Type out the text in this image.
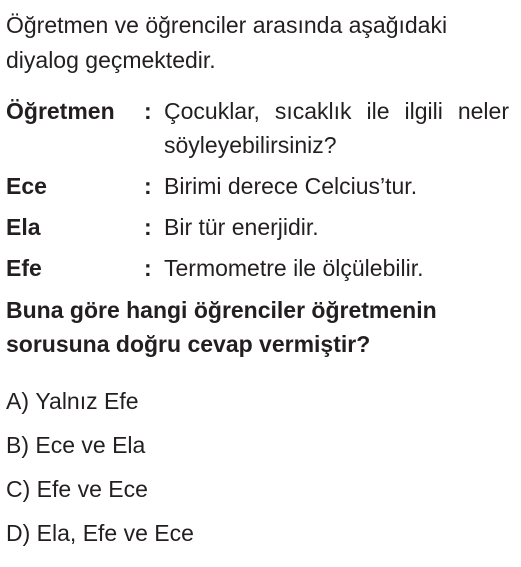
Öğretmen ve öğrenciler arasında aşağıdaki
diyalog geçmektedir.

Öğretmen	: Çocuklar, sıcaklık ile ilgili neler söyleyebilirsiniz?
Ece	: Birimi derece Celcius’tur.
Ela	: Bir tür enerjidir.
Efe	: Termometre ile ölçülebilir.
Buna göre hangi öğrenciler öğretmenin
sorusuna doğru cevap vermiştir?
A)
Yalnız Efe
B)
Ece ve Ela
C)
Efe ve Ece
D)
Ela, Efe ve Ece
